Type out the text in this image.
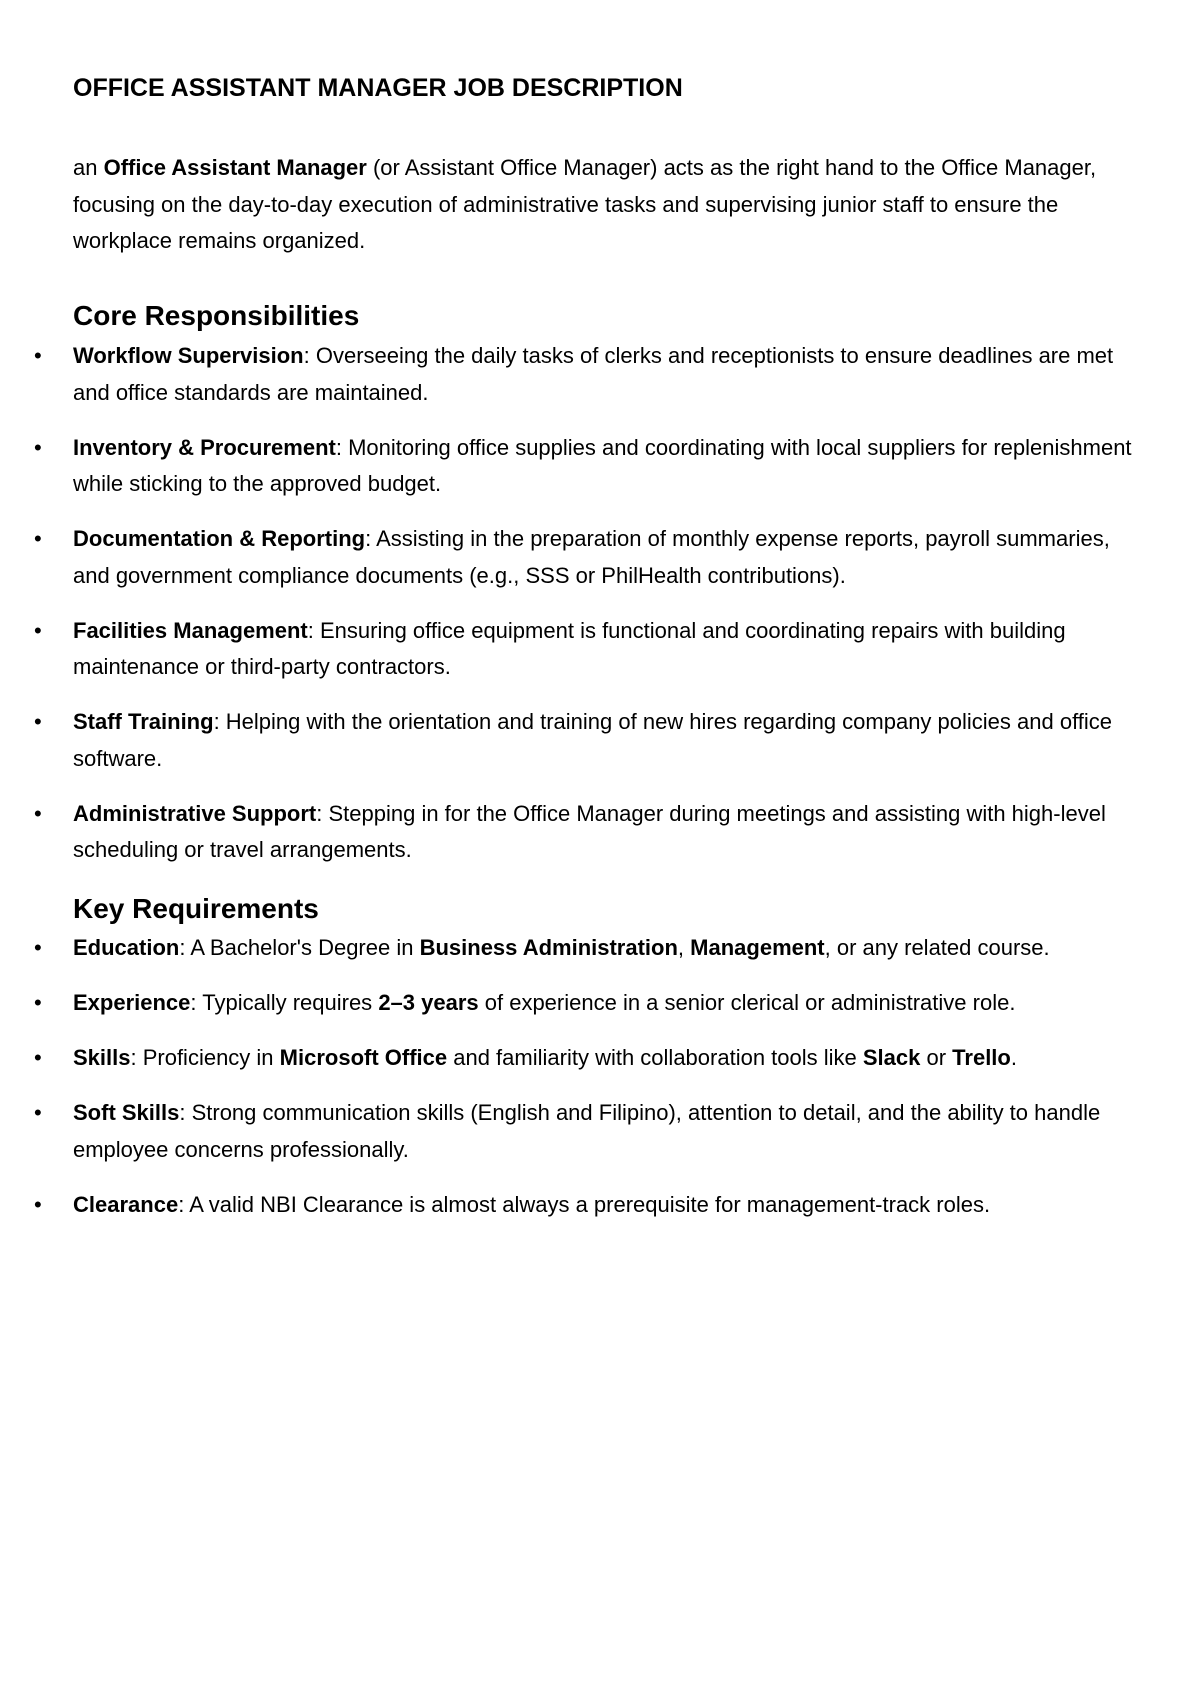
OFFICE ASSISTANT MANAGER JOB DESCRIPTION

an Office Assistant Manager (or Assistant Office Manager) acts as the right hand to the Office Manager, focusing on the day-to-day execution of administrative tasks and supervising junior staff to ensure the workplace remains organized.

Core Responsibilities
• Workflow Supervision: Overseeing the daily tasks of clerks and receptionists to ensure deadlines are met and office standards are maintained.
• Inventory & Procurement: Monitoring office supplies and coordinating with local suppliers for replenishment while sticking to the approved budget.
• Documentation & Reporting: Assisting in the preparation of monthly expense reports, payroll summaries, and government compliance documents (e.g., SSS or PhilHealth contributions).
• Facilities Management: Ensuring office equipment is functional and coordinating repairs with building maintenance or third-party contractors.
• Staff Training: Helping with the orientation and training of new hires regarding company policies and office software.
• Administrative Support: Stepping in for the Office Manager during meetings and assisting with high-level scheduling or travel arrangements.
Key Requirements
• Education: A Bachelor's Degree in Business Administration, Management, or any related course.
• Experience: Typically requires 2–3 years of experience in a senior clerical or administrative role.
• Skills: Proficiency in Microsoft Office and familiarity with collaboration tools like Slack or Trello.
• Soft Skills: Strong communication skills (English and Filipino), attention to detail, and the ability to handle employee concerns professionally.
• Clearance: A valid NBI Clearance is almost always a prerequisite for management-track roles.
